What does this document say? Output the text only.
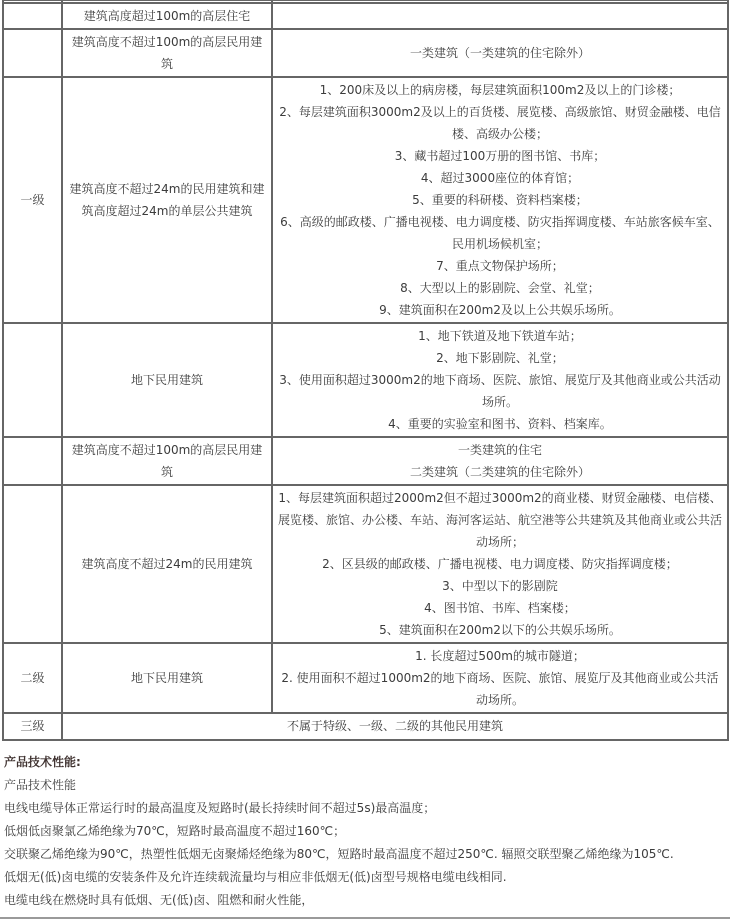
	建筑高度超过100m的高层住宅	
	建筑高度不超过100m的高层民用建筑	一类建筑（一类建筑的住宅除外）

一级	建筑高度不超过24m的民用建筑和建筑高度超过24m的单层公共建筑	
1、200床及以上的病房楼，每层建筑面积100m2及以上的门诊楼；
2、每层建筑面积3000m2及以上的百货楼、展览楼、高级旅馆、财贸金融楼、电信楼、高级办公楼；
3、藏书超过100万册的图书馆、书库；
4、超过3000座位的体育馆；
5、重要的科研楼、资料档案楼；
6、高级的邮政楼、广播电视楼、电力调度楼、防灾指挥调度楼、车站旅客候车室、民用机场候机室；
7、重点文物保护场所；
8、大型以上的影剧院、会堂、礼堂；
9、建筑面积在200m2及以上公共娱乐场所。

	地下民用建筑	1、地下铁道及地下铁道车站；
2、地下影剧院、礼堂；
3、使用面积超过3000m2的地下商场、医院、旅馆、展览厅及其他商业或公共活动场所。
4、重要的实验室和图书、资料、档案库。

	建筑高度不超过100m的高层民用建筑	一类建筑的住宅
二类建筑（二类建筑的住宅除外）

	建筑高度不超过24m的民用建筑	1、每层建筑面积超过2000m2但不超过3000m2的商业楼、财贸金融楼、电信楼、展览楼、旅馆、办公楼、车站、海河客运站、航空港等公共建筑及其他商业或公共活动场所；
2、区县级的邮政楼、广播电视楼、电力调度楼、防灾指挥调度楼；
3、中型以下的影剧院
4、图书馆、书库、档案楼；
5、建筑面积在200m2以下的公共娱乐场所。

二级	地下民用建筑	1. 长度超过500m的城市隧道；
2. 使用面积不超过1000m2的地下商场、医院、旅馆、展览厅及其他商业或公共活动场所。

三级	不属于特级、一级、二级的其他民用建筑	
产品技术性能:
产品技术性能
电线电缆导体正常运行时的最高温度及短路时(最长持续时间不超过5s)最高温度；
低烟低卤聚氯乙烯绝缘为70℃，短路时最高温度不超过160℃；
交联聚乙烯绝缘为90℃，热塑性低烟无卤聚烯烃绝缘为80℃，短路时最高温度不超过250℃. 辐照交联型聚乙烯绝缘为105℃.
低烟无(低)卤电缆的安装条件及允许连续载流量均与相应非低烟无(低)卤型号规格电缆电线相同.
电缆电线在燃烧时具有低烟、无(低)卤、阻燃和耐火性能，
